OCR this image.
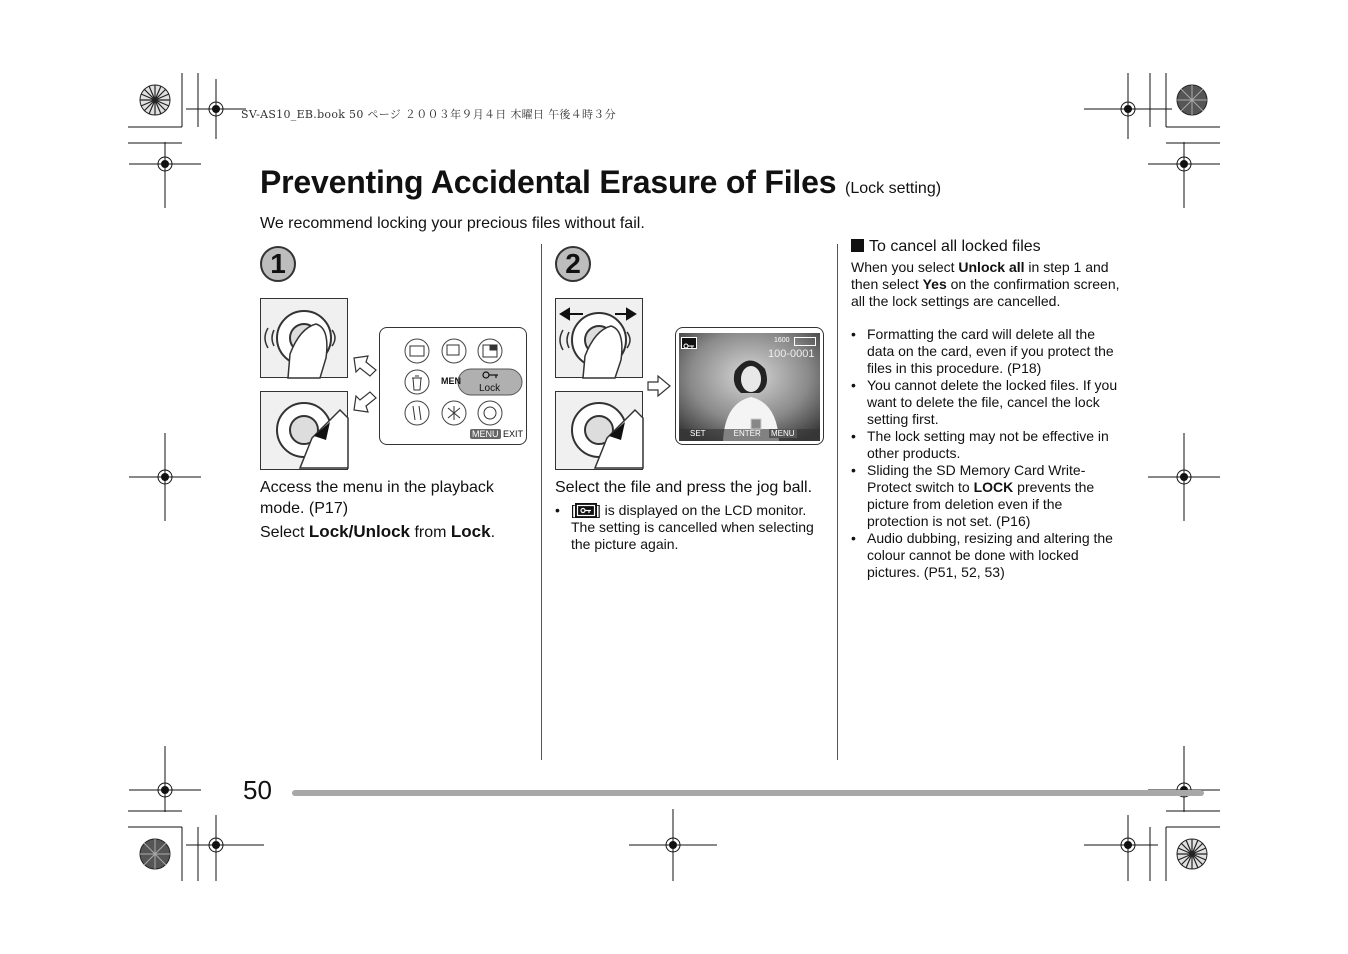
SV-AS10_EB.book 50 ページ ２００３年９月４日 木曜日 午後４時３分
Preventing Accidental Erasure of Files (Lock setting)
We recommend locking your precious files without fail.
1
MEN
Lock
MENU EXIT
Access the menu in the playback mode. (P17)
Select Lock/Unlock from Lock.
2
1600
100-0001
SET	ENTER MENU
Select the file and press the jog ball.
• [ ] is displayed on the LCD monitor. The setting is cancelled when selecting the picture again.
To cancel all locked files
When you select Unlock all in step 1 and then select Yes on the confirmation screen, all the lock settings are cancelled.
• Formatting the card will delete all the data on the card, even if you protect the files in this procedure. (P18)
• You cannot delete the locked files. If you want to delete the file, cancel the lock setting first.
• The lock setting may not be effective in other products.
• Sliding the SD Memory Card Write-Protect switch to LOCK prevents the picture from deletion even if the protection is not set. (P16)
• Audio dubbing, resizing and altering the colour cannot be done with locked pictures. (P51, 52, 53)
50
